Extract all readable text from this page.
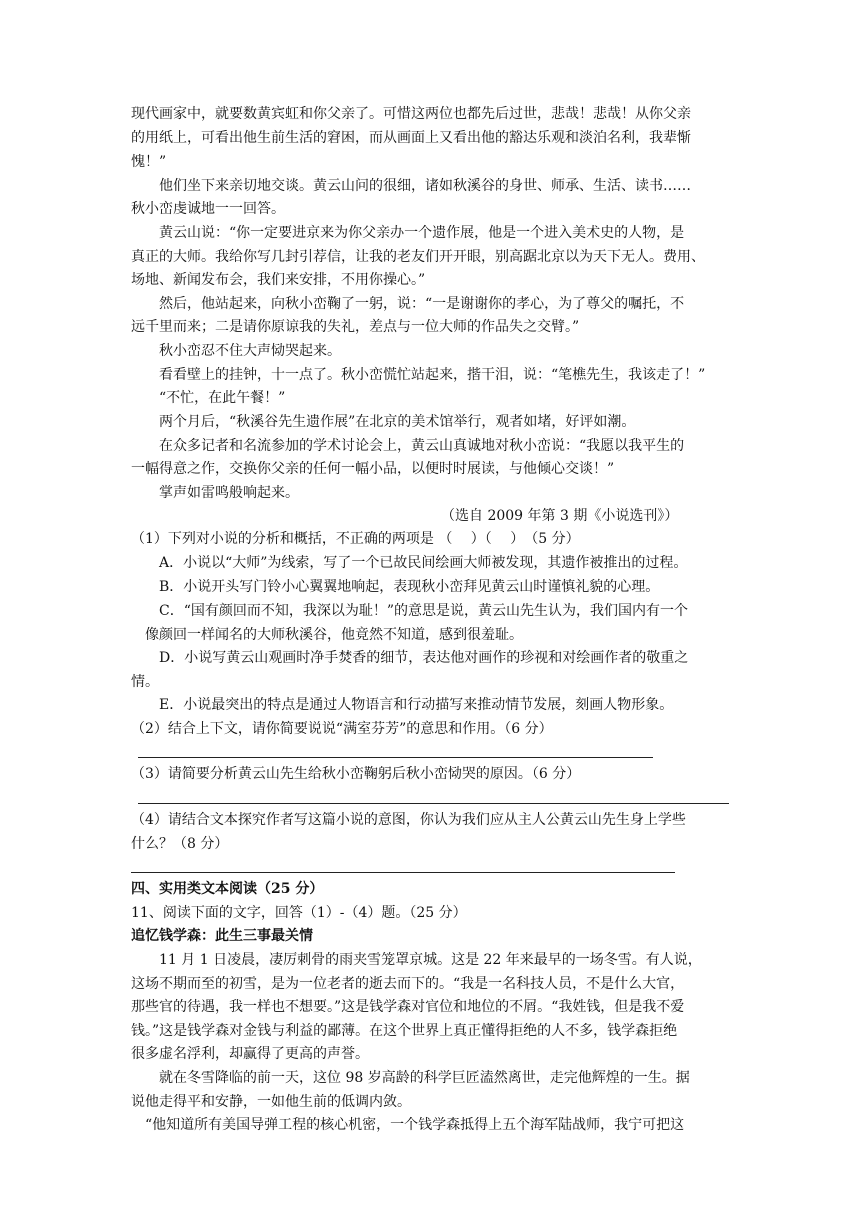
现代画家中，就要数黄宾虹和你父亲了。可惜这两位也都先后过世，悲哉！悲哉！从你父亲
的用纸上，可看出他生前生活的窘困，而从画面上又看出他的豁达乐观和淡泊名利，我辈惭
愧！”
他们坐下来亲切地交谈。黄云山问的很细，诸如秋溪谷的身世、师承、生活、读书……
秋小峦虔诚地一一回答。
黄云山说：“你一定要进京来为你父亲办一个遗作展，他是一个进入美术史的人物，是
真正的大师。我给你写几封引荐信，让我的老友们开开眼，别高踞北京以为天下无人。费用、
场地、新闻发布会，我们来安排，不用你操心。”
然后，他站起来，向秋小峦鞠了一躬，说：“一是谢谢你的孝心，为了尊父的嘱托，不
远千里而来；二是请你原谅我的失礼，差点与一位大师的作品失之交臂。”
秋小峦忍不住大声恸哭起来。
看看壁上的挂钟，十一点了。秋小峦慌忙站起来，揩干泪，说：“笔樵先生，我该走了！”
“不忙，在此午餐！”
两个月后，“秋溪谷先生遗作展”在北京的美术馆举行，观者如堵，好评如潮。
在众多记者和名流参加的学术讨论会上，黄云山真诚地对秋小峦说：“我愿以我平生的
一幅得意之作，交换你父亲的任何一幅小品，以便时时展读，与他倾心交谈！”
掌声如雷鸣般响起来。
（选自 2009 年第 3 期《小说选刊》）
（1）下列对小说的分析和概括，不正确的两项是 （　 ）（　 ）　（5 分）
A．小说以“大师”为线索，写了一个已故民间绘画大师被发现，其遗作被推出的过程。
B．小说开头写门铃小心翼翼地响起，表现秋小峦拜见黄云山时谨慎礼貌的心理。
C．“国有颜回而不知，我深以为耻！”的意思是说，黄云山先生认为，我们国内有一个
像颜回一样闻名的大师秋溪谷，他竟然不知道，感到很羞耻。
D．小说写黄云山观画时净手焚香的细节，表达他对画作的珍视和对绘画作者的敬重之
情。
E．小说最突出的特点是通过人物语言和行动描写来推动情节发展，刻画人物形象。
（2）结合上下文，请你简要说说“满室芬芳”的意思和作用。（6 分）
（3）请简要分析黄云山先生给秋小峦鞠躬后秋小峦恸哭的原因。（6 分）
（4）请结合文本探究作者写这篇小说的意图，你认为我们应从主人公黄云山先生身上学些
什么？（8 分）
四、实用类文本阅读（25 分）
11、阅读下面的文字，回答（1）-（4）题。（25 分）
追忆钱学森：此生三事最关情
11 月 1 日凌晨，凄厉刺骨的雨夹雪笼罩京城。这是 22 年来最早的一场冬雪。有人说，
这场不期而至的初雪，是为一位老者的逝去而下的。“我是一名科技人员，不是什么大官，
那些官的待遇，我一样也不想要。”这是钱学森对官位和地位的不屑。“我姓钱，但是我不爱
钱。”这是钱学森对金钱与利益的鄙薄。在这个世界上真正懂得拒绝的人不多，钱学森拒绝
很多虚名浮利，却赢得了更高的声誉。
就在冬雪降临的前一天，这位 98 岁高龄的科学巨匠溘然离世，走完他辉煌的一生。据
说他走得平和安静，一如他生前的低调内敛。
“他知道所有美国导弹工程的核心机密，一个钱学森抵得上五个海军陆战师，我宁可把这
